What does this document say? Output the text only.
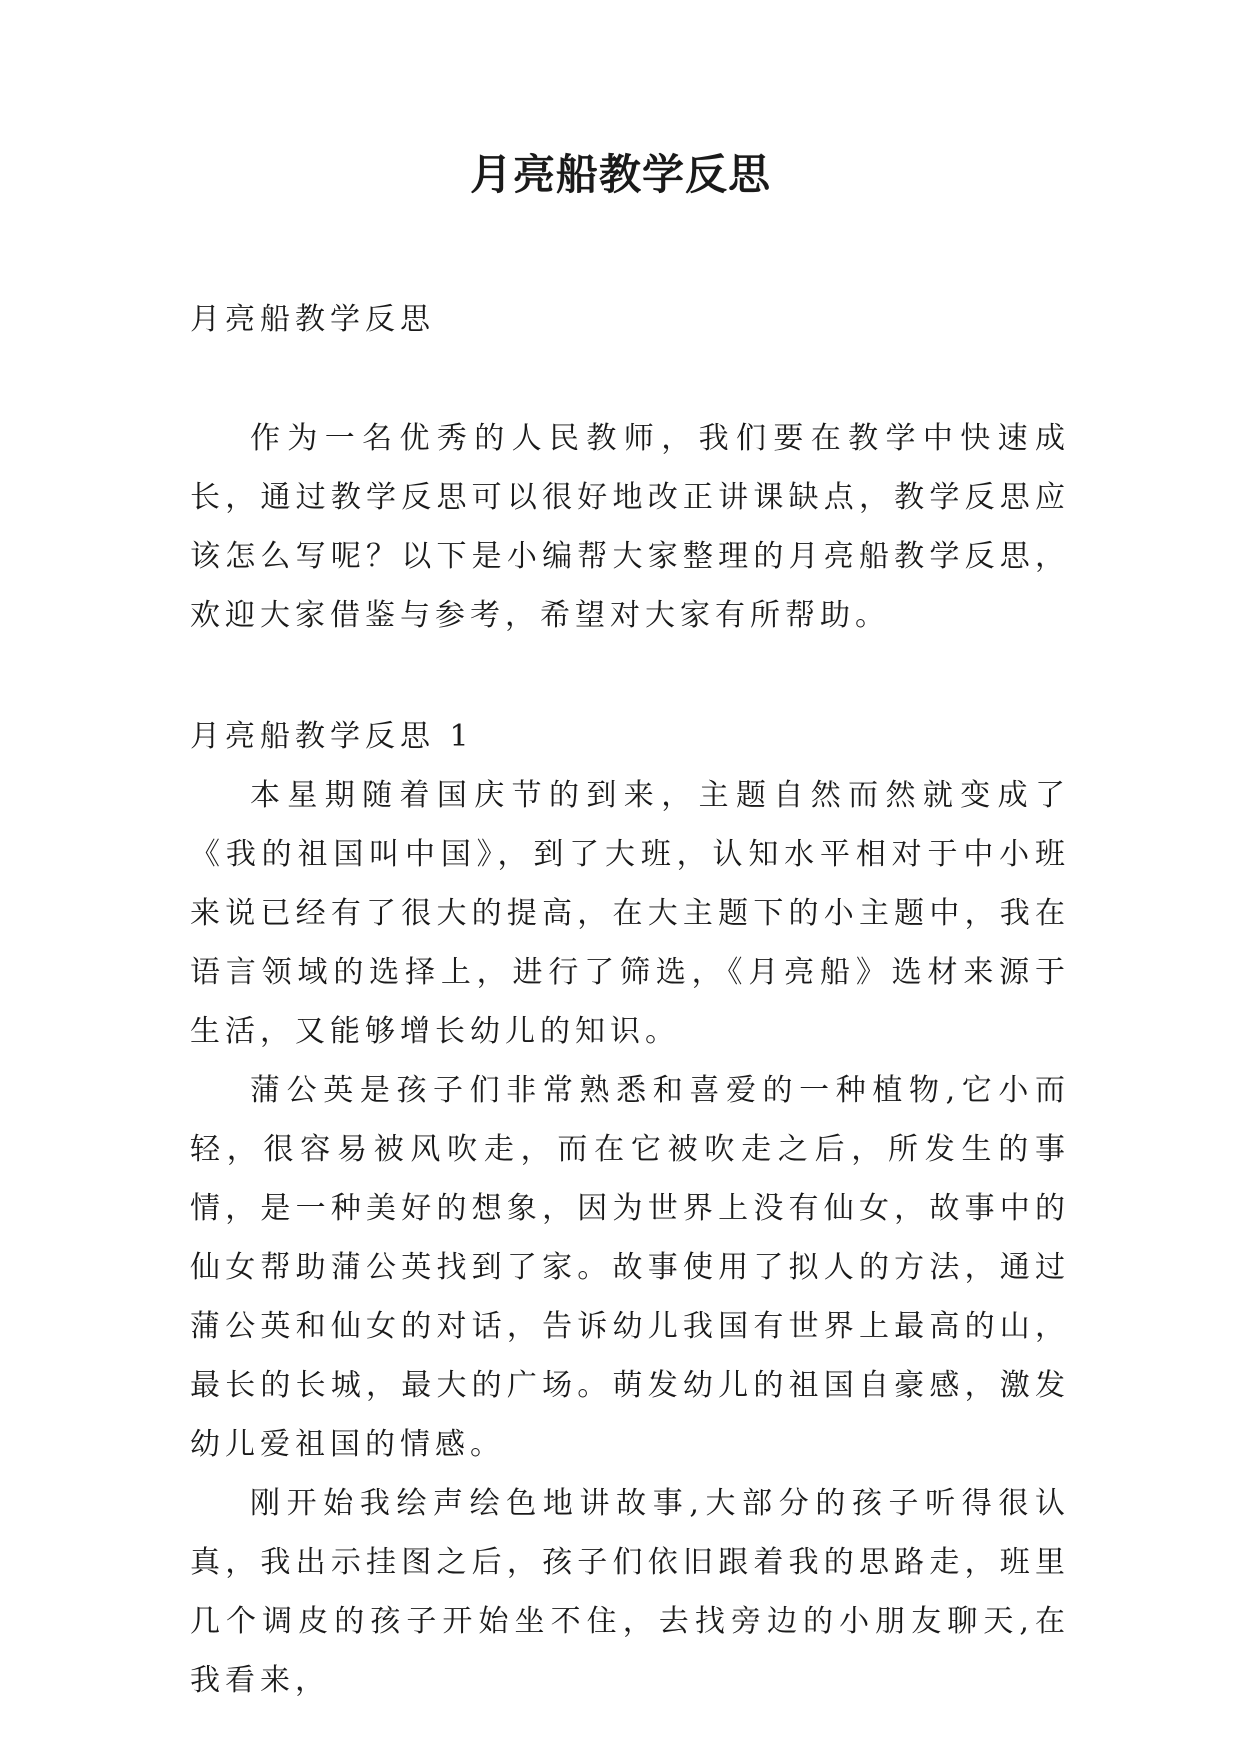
月亮船教学反思

月亮船教学反思

作为一名优秀的人民教师，我们要在教学中快速成长，通过教学反思可以很好地改正讲课缺点，教学反思应该怎么写呢？以下是小编帮大家整理的月亮船教学反思，欢迎大家借鉴与参考，希望对大家有所帮助。

月亮船教学反思 1

本星期随着国庆节的到来，主题自然而然就变成了《我的祖国叫中国》，到了大班，认知水平相对于中小班来说已经有了很大的提高，在大主题下的小主题中，我在语言领域的选择上，进行了筛选，《月亮船》选材来源于生活，又能够增长幼儿的知识。

蒲公英是孩子们非常熟悉和喜爱的一种植物,它小而轻，很容易被风吹走，而在它被吹走之后，所发生的事情，是一种美好的想象，因为世界上没有仙女，故事中的仙女帮助蒲公英找到了家。故事使用了拟人的方法，通过蒲公英和仙女的对话，告诉幼儿我国有世界上最高的山，最长的长城，最大的广场。萌发幼儿的祖国自豪感，激发幼儿爱祖国的情感。

刚开始我绘声绘色地讲故事,大部分的孩子听得很认真，我出示挂图之后，孩子们依旧跟着我的思路走，班里几个调皮的孩子开始坐不住，去找旁边的小朋友聊天,在我看来，
